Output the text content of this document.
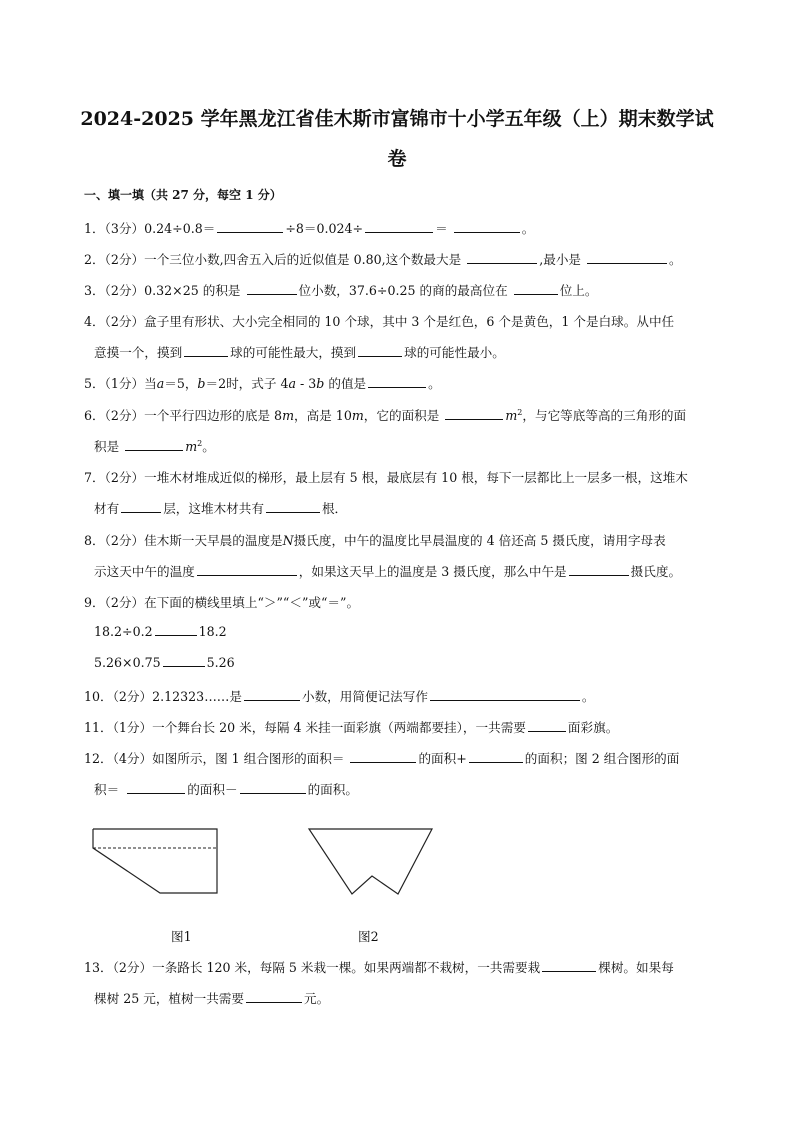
2024-2025 学年黑龙江省佳木斯市富锦市十小学五年级（上）期末数学试
卷
一、填一填（共 27 分，每空 1 分）
1．（3分）0.24÷0.8＝	÷8＝0.024÷	＝	。
2．（2分）一个三位小数,四舍五入后的近似值是 0.80,这个数最大是	,最小是	。
3．（2分）0.32×25 的积是	位小数，37.6÷0.25 的商的最高位在	位上。
4．（2分）盒子里有形状、大小完全相同的 10 个球，其中 3 个是红色，6 个是黄色，1 个是白球。从中任
意摸一个，摸到	球的可能性最大，摸到	球的可能性最小。
5．（1分）当a＝5，b＝2时，式子 4a - 3b 的值是	。
6．（2分）一个平行四边形的底是 8m，高是 10m，它的面积是	$m^2$，与它等底等高的三角形的面
积是	$m^2$。
7．（2分）一堆木材堆成近似的梯形，最上层有 5 根，最底层有 10 根，每下一层都比上一层多一根，这堆木
材有	层，这堆木材共有	根．
8．（2分）佳木斯一天早晨的温度是N摄氏度，中午的温度比早晨温度的 4 倍还高 5 摄氏度，请用字母表
示这天中午的温度	，如果这天早上的温度是 3 摄氏度，那么中午是	摄氏度。
9．（2分）在下面的横线里填上“＞”“＜”或“＝”。
18.2÷0.2	18.2
5.26×0.75	5.26
10．（2分）2.12323……是	小数，用简便记法写作	。
11．（1分）一个舞台长 20 米，每隔 4 米挂一面彩旗（两端都要挂），一共需要	面彩旗。
12．（4分）如图所示，图 1 组合图形的面积＝	的面积+	的面积；图 2 组合图形的面
积＝	的面积－	的面积。
图1	图2
13．（2分）一条路长 120 米，每隔 5 米栽一棵。如果两端都不栽树，一共需要栽	棵树。如果每
棵树 25 元，植树一共需要	元。
